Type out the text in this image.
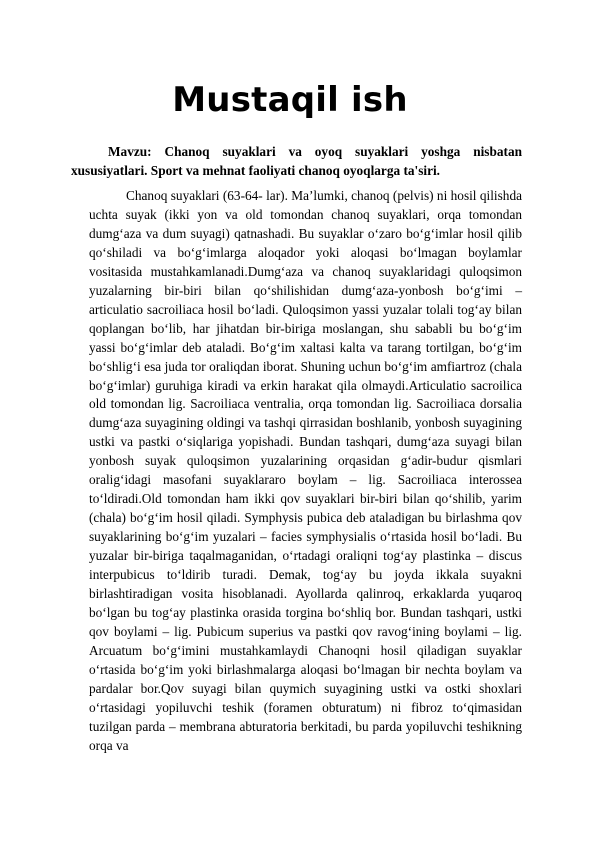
Mustaqil ish
Mavzu: Chanoq suyaklari va oyoq suyaklari yoshga nisbatan xususiyatlari. Sport va mehnat faoliyati chanoq oyoqlarga ta'siri.

Chanoq suyaklari (63-64- lar). Ma’lumki, chanoq (pelvis) ni hosil qilishda uchta suyak (ikki yon va old tomondan chanoq suyaklari, orqa tomondan dumg‘aza va dum suyagi) qatnashadi. Bu suyaklar o‘zaro bo‘g‘imlar hosil qilib qo‘shiladi va bo‘g‘imlarga aloqador yoki aloqasi bo‘lmagan boylamlar vositasida mustahkamlanadi.Dumg‘aza va chanoq suyaklaridagi quloqsimon yuzalarning bir-biri bilan qo‘shilishidan dumg‘aza-yonbosh bo‘g‘imi – articulatio sacroiliaca hosil bo‘ladi. Quloqsimon yassi yuzalar tolali tog‘ay bilan qoplangan bo‘lib, har jihatdan bir-biriga moslangan, shu sababli bu bo‘g‘im yassi bo‘g‘imlar deb ataladi. Bo‘g‘im xaltasi kalta va tarang tortilgan, bo‘g‘im bo‘shlig‘i esa juda tor oraliqdan iborat. Shuning uchun bo‘g‘im amfiartroz (chala bo‘g‘imlar) guruhiga kiradi va erkin harakat qila olmaydi.Articulatio sacroilica old tomondan lig. Sacroiliaca ventralia, orqa tomondan lig. Sacroiliaca dorsalia dumg‘aza suyagining oldingi va tashqi qirrasidan boshlanib, yonbosh suyagining ustki va pastki o‘siqlariga yopishadi. Bundan tashqari, dumg‘aza suyagi bilan yonbosh suyak quloqsimon yuzalarining orqasidan g‘adir-budur qismlari oralig‘idagi masofani suyaklararo boylam – lig. Sacroiliaca interossea to‘ldiradi.Old tomondan ham ikki qov suyaklari bir-biri bilan qo‘shilib, yarim (chala) bo‘g‘im hosil qiladi. Symphysis pubica deb ataladigan bu birlashma qov suyaklarining bo‘g‘im yuzalari – facies symphysialis o‘rtasida hosil bo‘ladi. Bu yuzalar bir-biriga taqalmaganidan, o‘rtadagi oraliqni tog‘ay plastinka – discus interpubicus to‘ldirib turadi. Demak, tog‘ay bu joyda ikkala suyakni birlashtiradigan vosita hisoblanadi. Ayollarda qalinroq, erkaklarda yuqaroq bo‘lgan bu tog‘ay plastinka orasida torgina bo‘shliq bor. Bundan tashqari, ustki qov boylami – lig. Pubicum superius va pastki qov ravog‘ining boylami – lig. Arcuatum bo‘g‘imini mustahkamlaydi Chanoqni hosil qiladigan suyaklar o‘rtasida bo‘g‘im yoki birlashmalarga aloqasi bo‘lmagan bir nechta boylam va pardalar bor.Qov suyagi bilan quymich suyagining ustki va ostki shoxlari o‘rtasidagi yopiluvchi teshik (foramen obturatum) ni fibroz to‘qimasidan tuzilgan parda – membrana abturatoria berkitadi, bu parda yopiluvchi teshikning orqa va
